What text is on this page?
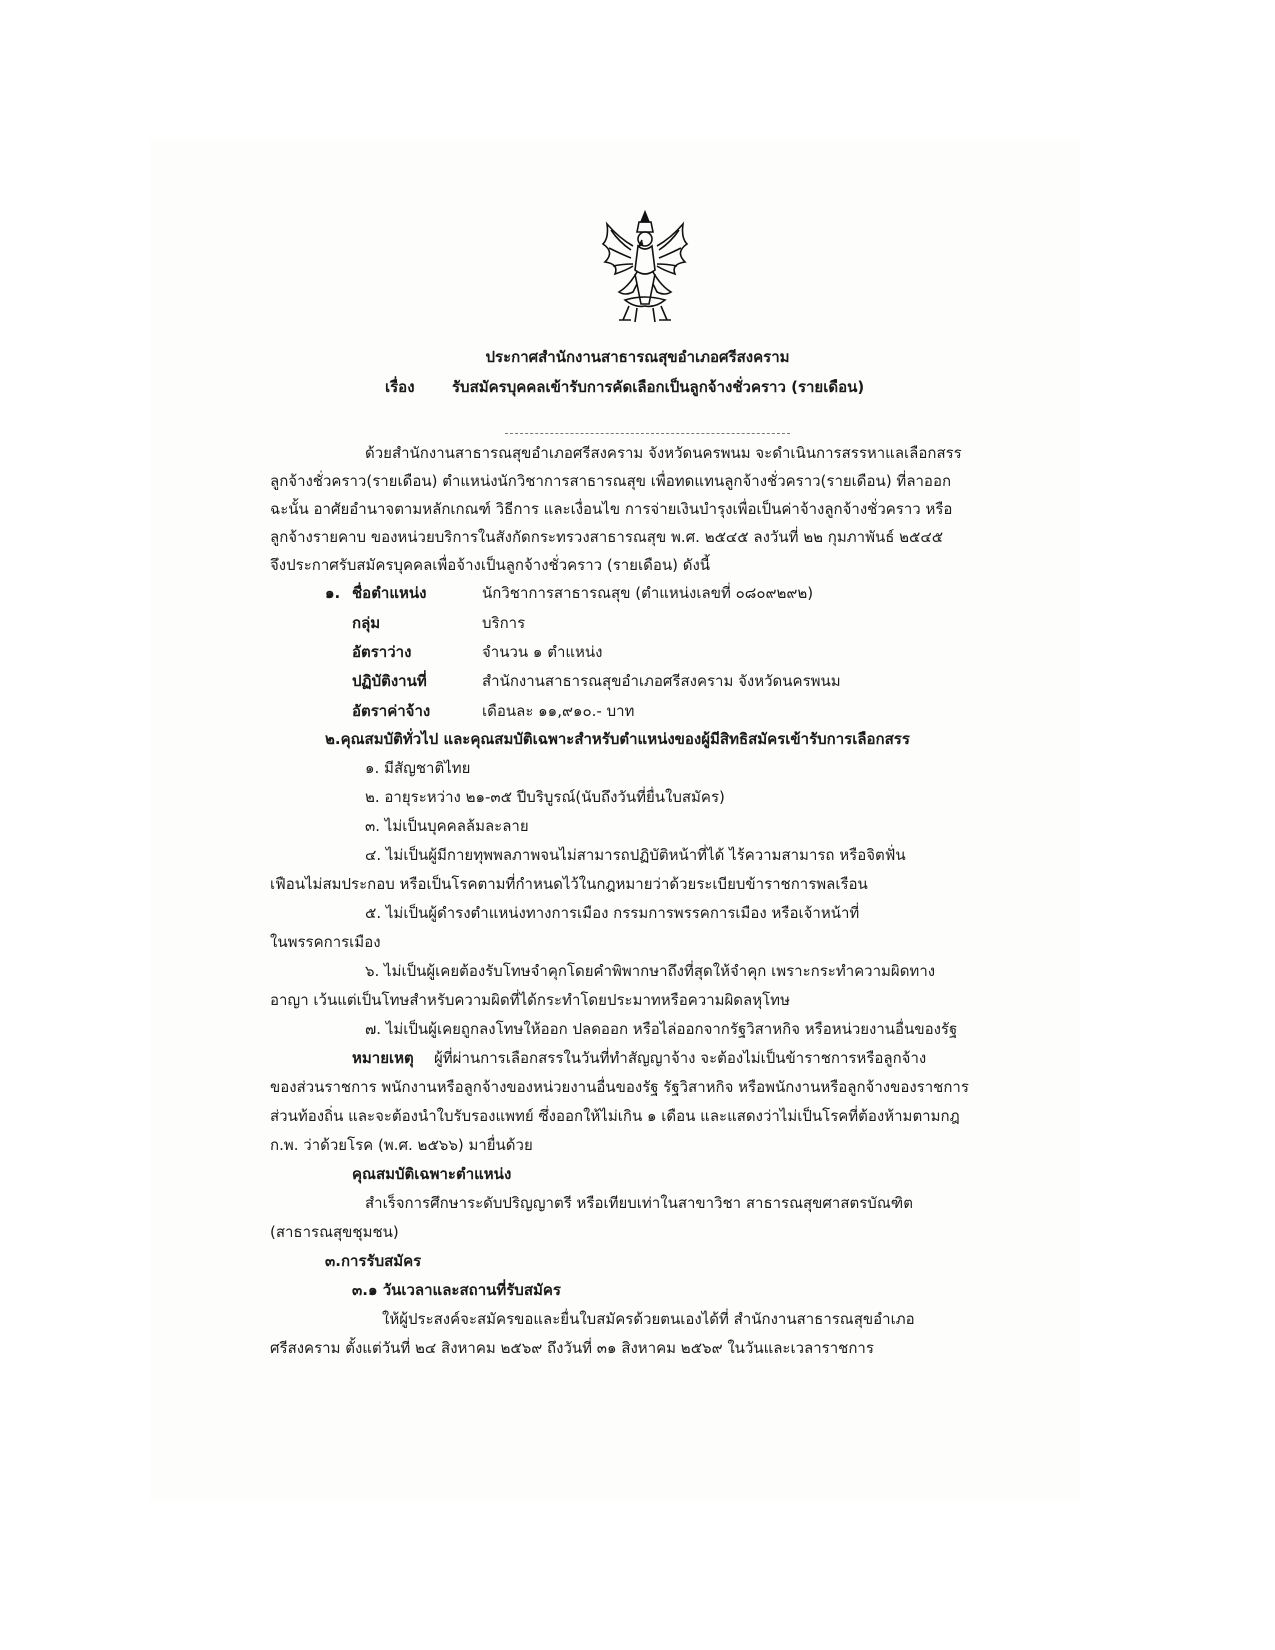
ประกาศสำนักงานสาธารณสุขอำเภอศรีสงคราม
เรื่อง รับสมัครบุคคลเข้ารับการคัดเลือกเป็นลูกจ้างชั่วคราว (รายเดือน)
ด้วยสำนักงานสาธารณสุขอำเภอศรีสงคราม จังหวัดนครพนม จะดำเนินการสรรหาแลเลือกสรร
ลูกจ้างชั่วคราว(รายเดือน) ตำแหน่งนักวิชาการสาธารณสุข เพื่อทดแทนลูกจ้างชั่วคราว(รายเดือน) ที่ลาออก
ฉะนั้น อาศัยอำนาจตามหลักเกณฑ์ วิธีการ และเงื่อนไข การจ่ายเงินบำรุงเพื่อเป็นค่าจ้างลูกจ้างชั่วคราว หรือ
ลูกจ้างรายคาบ ของหน่วยบริการในสังกัดกระทรวงสาธารณสุข พ.ศ. ๒๕๔๕ ลงวันที่ ๒๒ กุมภาพันธ์ ๒๕๔๕
จึงประกาศรับสมัครบุคคลเพื่อจ้างเป็นลูกจ้างชั่วคราว (รายเดือน) ดังนี้
๑. ชื่อตำแหน่ง	นักวิชาการสาธารณสุข (ตำแหน่งเลขที่ ๐๘๐๙๒๙๒)
กลุ่ม	บริการ
อัตราว่าง	จำนวน ๑ ตำแหน่ง
ปฏิบัติงานที่	สำนักงานสาธารณสุขอำเภอศรีสงคราม จังหวัดนครพนม
อัตราค่าจ้าง	เดือนละ ๑๑,๙๑๐.- บาท
๒.คุณสมบัติทั่วไป และคุณสมบัติเฉพาะสำหรับตำแหน่งของผู้มีสิทธิสมัครเข้ารับการเลือกสรร
๑. มีสัญชาติไทย
๒. อายุระหว่าง ๒๑-๓๕ ปีบริบูรณ์(นับถึงวันที่ยื่นใบสมัคร)
๓. ไม่เป็นบุคคลล้มละลาย
๔. ไม่เป็นผู้มีกายทุพพลภาพจนไม่สามารถปฏิบัติหน้าที่ได้ ไร้ความสามารถ หรือจิตฟั่น
เฟือนไม่สมประกอบ หรือเป็นโรคตามที่กำหนดไว้ในกฎหมายว่าด้วยระเบียบข้าราชการพลเรือน
๕. ไม่เป็นผู้ดำรงตำแหน่งทางการเมือง กรรมการพรรคการเมือง หรือเจ้าหน้าที่
ในพรรคการเมือง
๖. ไม่เป็นผู้เคยต้องรับโทษจำคุกโดยคำพิพากษาถึงที่สุดให้จำคุก เพราะกระทำความผิดทาง
อาญา เว้นแต่เป็นโทษสำหรับความผิดที่ได้กระทำโดยประมาทหรือความผิดลหุโทษ
๗. ไม่เป็นผู้เคยถูกลงโทษให้ออก ปลดออก หรือไล่ออกจากรัฐวิสาหกิจ หรือหน่วยงานอื่นของรัฐ
หมายเหตุ ผู้ที่ผ่านการเลือกสรรในวันที่ทำสัญญาจ้าง จะต้องไม่เป็นข้าราชการหรือลูกจ้าง
ของส่วนราชการ พนักงานหรือลูกจ้างของหน่วยงานอื่นของรัฐ รัฐวิสาหกิจ หรือพนักงานหรือลูกจ้างของราชการ
ส่วนท้องถิ่น และจะต้องนำใบรับรองแพทย์ ซึ่งออกให้ไม่เกิน ๑ เดือน และแสดงว่าไม่เป็นโรคที่ต้องห้ามตามกฎ
ก.พ. ว่าด้วยโรค (พ.ศ. ๒๕๖๖) มายื่นด้วย
คุณสมบัติเฉพาะตำแหน่ง
สำเร็จการศึกษาระดับปริญญาตรี หรือเทียบเท่าในสาขาวิชา สาธารณสุขศาสตรบัณฑิต
(สาธารณสุขชุมชน)
๓.การรับสมัคร
๓.๑ วันเวลาและสถานที่รับสมัคร
ให้ผู้ประสงค์จะสมัครขอและยื่นใบสมัครด้วยตนเองได้ที่ สำนักงานสาธารณสุขอำเภอ
ศรีสงคราม ตั้งแต่วันที่ ๒๔ สิงหาคม ๒๕๖๙ ถึงวันที่ ๓๑ สิงหาคม ๒๕๖๙ ในวันและเวลาราชการ
